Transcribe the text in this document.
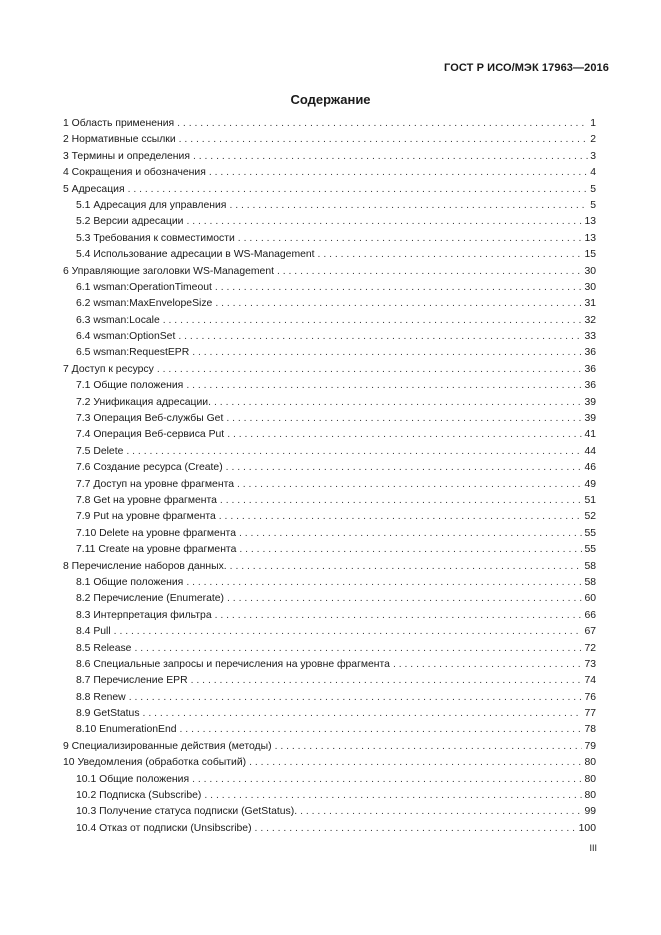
ГОСТ Р ИСО/МЭК 17963—2016
Содержание
1 Область применения . . .	1
2 Нормативные ссылки . . .	2
3 Термины и определения . . .	3
4 Сокращения и обозначения . . .	4
5 Адресация . . .	5
5.1 Адресация для управления . . .	5
5.2 Версии адресации . . .	13
5.3 Требования к совместимости . . .	13
5.4 Использование адресации в WS-Management . . .	15
6 Управляющие заголовки WS-Management . . .	30
6.1 wsman:OperationTimeout . . .	30
6.2 wsman:MaxEnvelopeSize . . .	31
6.3 wsman:Locale . . .	32
6.4 wsman:OptionSet . . .	33
6.5 wsman:RequestEPR . . .	36
7 Доступ к ресурсу . . .	36
7.1 Общие положения . . .	36
7.2 Унификация адресации. . . .	39
7.3 Операция Веб-службы Get . . .	39
7.4 Операция Веб-сервиса Put . . .	41
7.5 Delete . . .	44
7.6 Создание ресурса (Create) . . .	46
7.7 Доступ на уровне фрагмента . . .	49
7.8 Get на уровне фрагмента . . .	51
7.9 Put на уровне фрагмента . . .	52
7.10 Delete на уровне фрагмента . . .	55
7.11 Create на уровне фрагмента . . .	55
8 Перечисление наборов данных. . . .	58
8.1 Общие положения . . .	58
8.2 Перечисление (Enumerate) . . .	60
8.3 Интерпретация фильтра . . .	66
8.4 Pull . . .	67
8.5 Release . . .	72
8.6 Специальные запросы и перечисления на уровне фрагмента . . .	73
8.7 Перечисление EPR . . .	74
8.8 Renew . . .	76
8.9 GetStatus . . .	77
8.10 EnumerationEnd . . .	78
9 Специализированные действия (методы) . . .	79
10 Уведомления (обработка событий) . . .	80
10.1 Общие положения . . .	80
10.2 Подписка (Subscribe) . . .	80
10.3 Получение статуса подписки (GetStatus). . . .	99
10.4 Отказ от подписки (Unsibscribe) . . .	100
III
